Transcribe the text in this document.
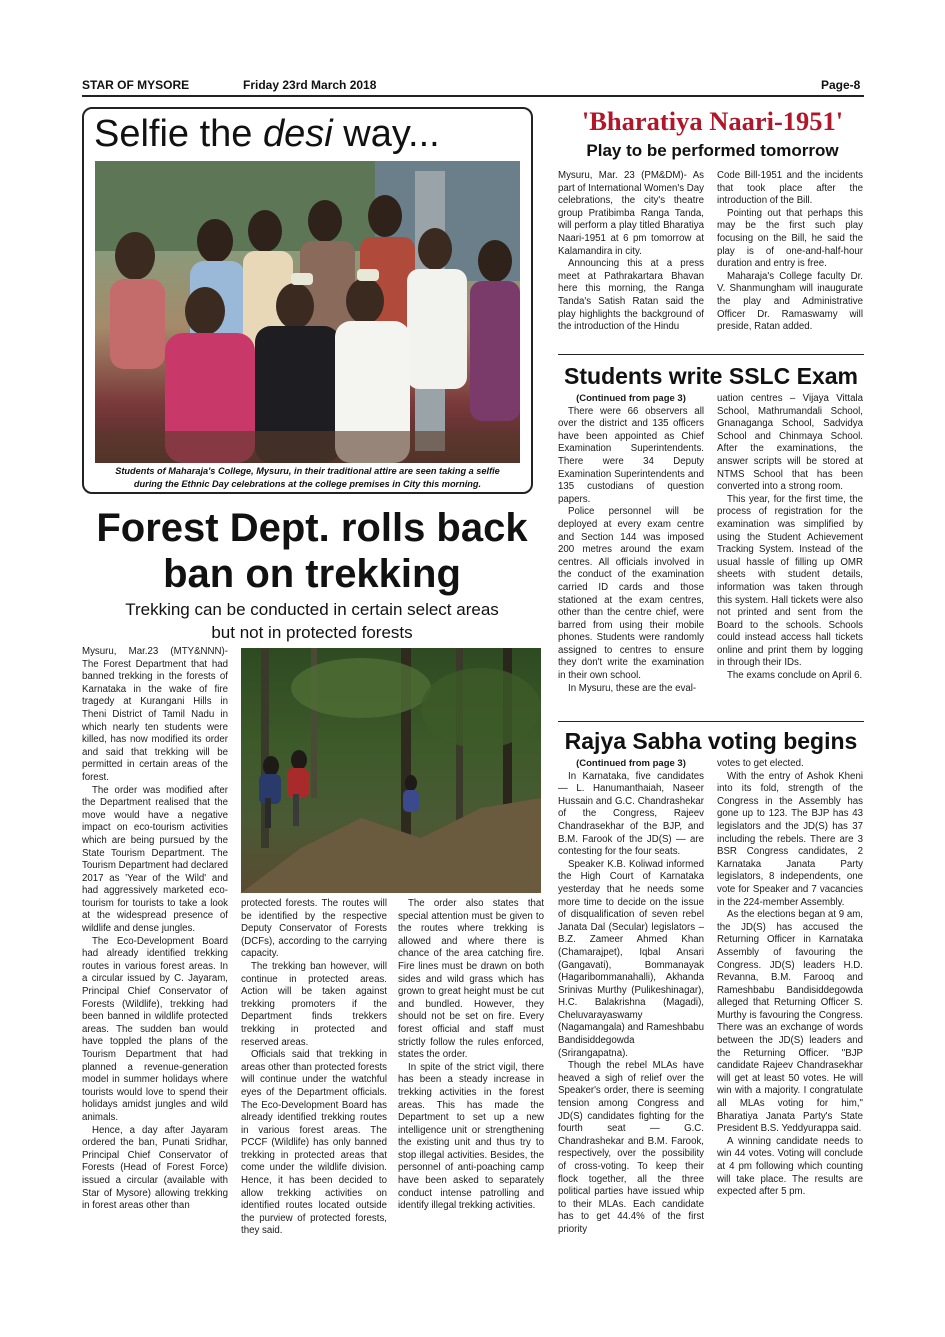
STAR OF MYSORE	Friday 23rd March 2018	Page-8
Selfie the desi way...
Students of Maharaja's College, Mysuru, in their traditional attire are seen taking a selfie
during the Ethnic Day celebrations at the college premises in City this morning.
'Bharatiya Naari-1951'
Play to be performed tomorrow

Mysuru, Mar. 23 (PM&DM)- As part of International Women's Day celebrations, the city's theatre group Pratibimba Ranga Tanda, will perform a play titled Bharatiya Naari-1951 at 6 pm tomorrow at Kalamandira in city.

Announcing this at a press meet at Pathrakartara Bhavan here this morning, the Ranga Tanda's Satish Ratan said the play highlights the background of the introduction of the Hindu

Code Bill-1951 and the incidents that took place after the introduction of the Bill.

Pointing out that perhaps this may be the first such play focusing on the Bill, he said the play is of one-and-half-hour duration and entry is free.

Maharaja's College faculty Dr. V. Shanmungham will inaugurate the play and Administrative Officer Dr. Ramaswamy will preside, Ratan added.

Students write SSLC Exam
(Continued from page 3)

There were 66 observers all over the district and 135 officers have been appointed as Chief Examination Superintendents. There were 34 Deputy Examination Superintendents and 135 custodians of question papers.

Police personnel will be deployed at every exam centre and Section 144 was imposed 200 metres around the exam centres. All officials involved in the conduct of the examination carried ID cards and those stationed at the exam centres, other than the centre chief, were barred from using their mobile phones. Students were randomly assigned to centres to ensure they don't write the examination in their own school.

In Mysuru, these are the eval-

uation centres – Vijaya Vittala School, Mathrumandali School, Gnanaganga School, Sadvidya School and Chinmaya School. After the examinations, the answer scripts will be stored at NTMS School that has been converted into a strong room.

This year, for the first time, the process of registration for the examination was simplified by using the Student Achievement Tracking System. Instead of the usual hassle of filling up OMR sheets with student details, information was taken through this system. Hall tickets were also not printed and sent from the Board to the schools. Schools could instead access hall tickets online and print them by logging in through their IDs.

The exams conclude on April 6.

Forest Dept. rolls back
ban on trekking
Trekking can be conducted in certain select areas
but not in protected forests

Mysuru, Mar.23 (MTY&NNN)- The Forest Department that had banned trekking in the forests of Karnataka in the wake of fire tragedy at Kurangani Hills in Theni District of Tamil Nadu in which nearly ten students were killed, has now modified its order and said that trekking will be permitted in certain areas of the forest.

The order was modified after the Department realised that the move would have a negative impact on eco-tourism activities which are being pursued by the State Tourism Department. The Tourism Department had declared 2017 as 'Year of the Wild' and had aggressively marketed eco-tourism for tourists to take a look at the widespread presence of wildlife and dense jungles.

The Eco-Development Board had already identified trekking routes in various forest areas. In a circular issued by C. Jayaram, Principal Chief Conservator of Forests (Wildlife), trekking had been banned in wildlife protected areas. The sudden ban would have toppled the plans of the Tourism Department that had planned a revenue-generation model in summer holidays where tourists would love to spend their holidays amidst jungles and wild animals.

Hence, a day after Jayaram ordered the ban, Punati Sridhar, Principal Chief Conservator of Forests (Head of Forest Force) issued a circular (available with Star of Mysore) allowing trekking in forest areas other than

protected forests. The routes will be identified by the respective Deputy Conservator of Forests (DCFs), according to the carrying capacity.

The trekking ban however, will continue in protected areas. Action will be taken against trekking promoters if the Department finds trekkers trekking in protected and reserved areas.

Officials said that trekking in areas other than protected forests will continue under the watchful eyes of the Department officials. The Eco-Development Board has already identified trekking routes in various forest areas. The PCCF (Wildlife) has only banned trekking in protected areas that come under the wildlife division. Hence, it has been decided to allow trekking activities on identified routes located outside the purview of protected forests, they said.

The order also states that special attention must be given to the routes where trekking is allowed and where there is chance of the area catching fire. Fire lines must be drawn on both sides and wild grass which has grown to great height must be cut and bundled. However, they should not be set on fire. Every forest official and staff must strictly follow the rules enforced, states the order.

In spite of the strict vigil, there has been a steady increase in trekking activities in the forest areas. This has made the Department to set up a new intelligence unit or strengthening the existing unit and thus try to stop illegal activities. Besides, the personnel of anti-poaching camp have been asked to separately conduct intense patrolling and identify illegal trekking activities.

Rajya Sabha voting begins
(Continued from page 3)

In Karnataka, five candidates — L. Hanumanthaiah, Naseer Hussain and G.C. Chandrashekar of the Congress, Rajeev Chandrasekhar of the BJP, and B.M. Farook of the JD(S) — are contesting for the four seats.

Speaker K.B. Koliwad informed the High Court of Karnataka yesterday that he needs some more time to decide on the issue of disqualification of seven rebel Janata Dal (Secular) legislators – B.Z. Zameer Ahmed Khan (Chamarajpet), Iqbal Ansari (Gangavati), Bommanayak (Hagaribommanahalli), Akhanda Srinivas Murthy (Pulikeshinagar), H.C. Balakrishna (Magadi), Cheluvarayaswamy (Nagamangala) and Rameshbabu Bandisiddegowda (Srirangapatna).

Though the rebel MLAs have heaved a sigh of relief over the Speaker's order, there is seeming tension among Congress and JD(S) candidates fighting for the fourth seat — G.C. Chandrashekar and B.M. Farook, respectively, over the possibility of cross-voting. To keep their flock together, all the three political parties have issued whip to their MLAs. Each candidate has to get 44.4% of the first priority

votes to get elected.

With the entry of Ashok Kheni into its fold, strength of the Congress in the Assembly has gone up to 123. The BJP has 43 legislators and the JD(S) has 37 including the rebels. There are 3 BSR Congress candidates, 2 Karnataka Janata Party legislators, 8 independents, one vote for Speaker and 7 vacancies in the 224-member Assembly.

As the elections began at 9 am, the JD(S) has accused the Returning Officer in Karnataka Assembly of favouring the Congress. JD(S) leaders H.D. Revanna, B.M. Farooq and Rameshbabu Bandisiddegowda alleged that Returning Officer S. Murthy is favouring the Congress. There was an exchange of words between the JD(S) leaders and the Returning Officer. "BJP candidate Rajeev Chandrasekhar will get at least 50 votes. He will win with a majority. I congratulate all MLAs voting for him," Bharatiya Janata Party's State President B.S. Yeddyurappa said.

A winning candidate needs to win 44 votes. Voting will conclude at 4 pm following which counting will take place. The results are expected after 5 pm.
